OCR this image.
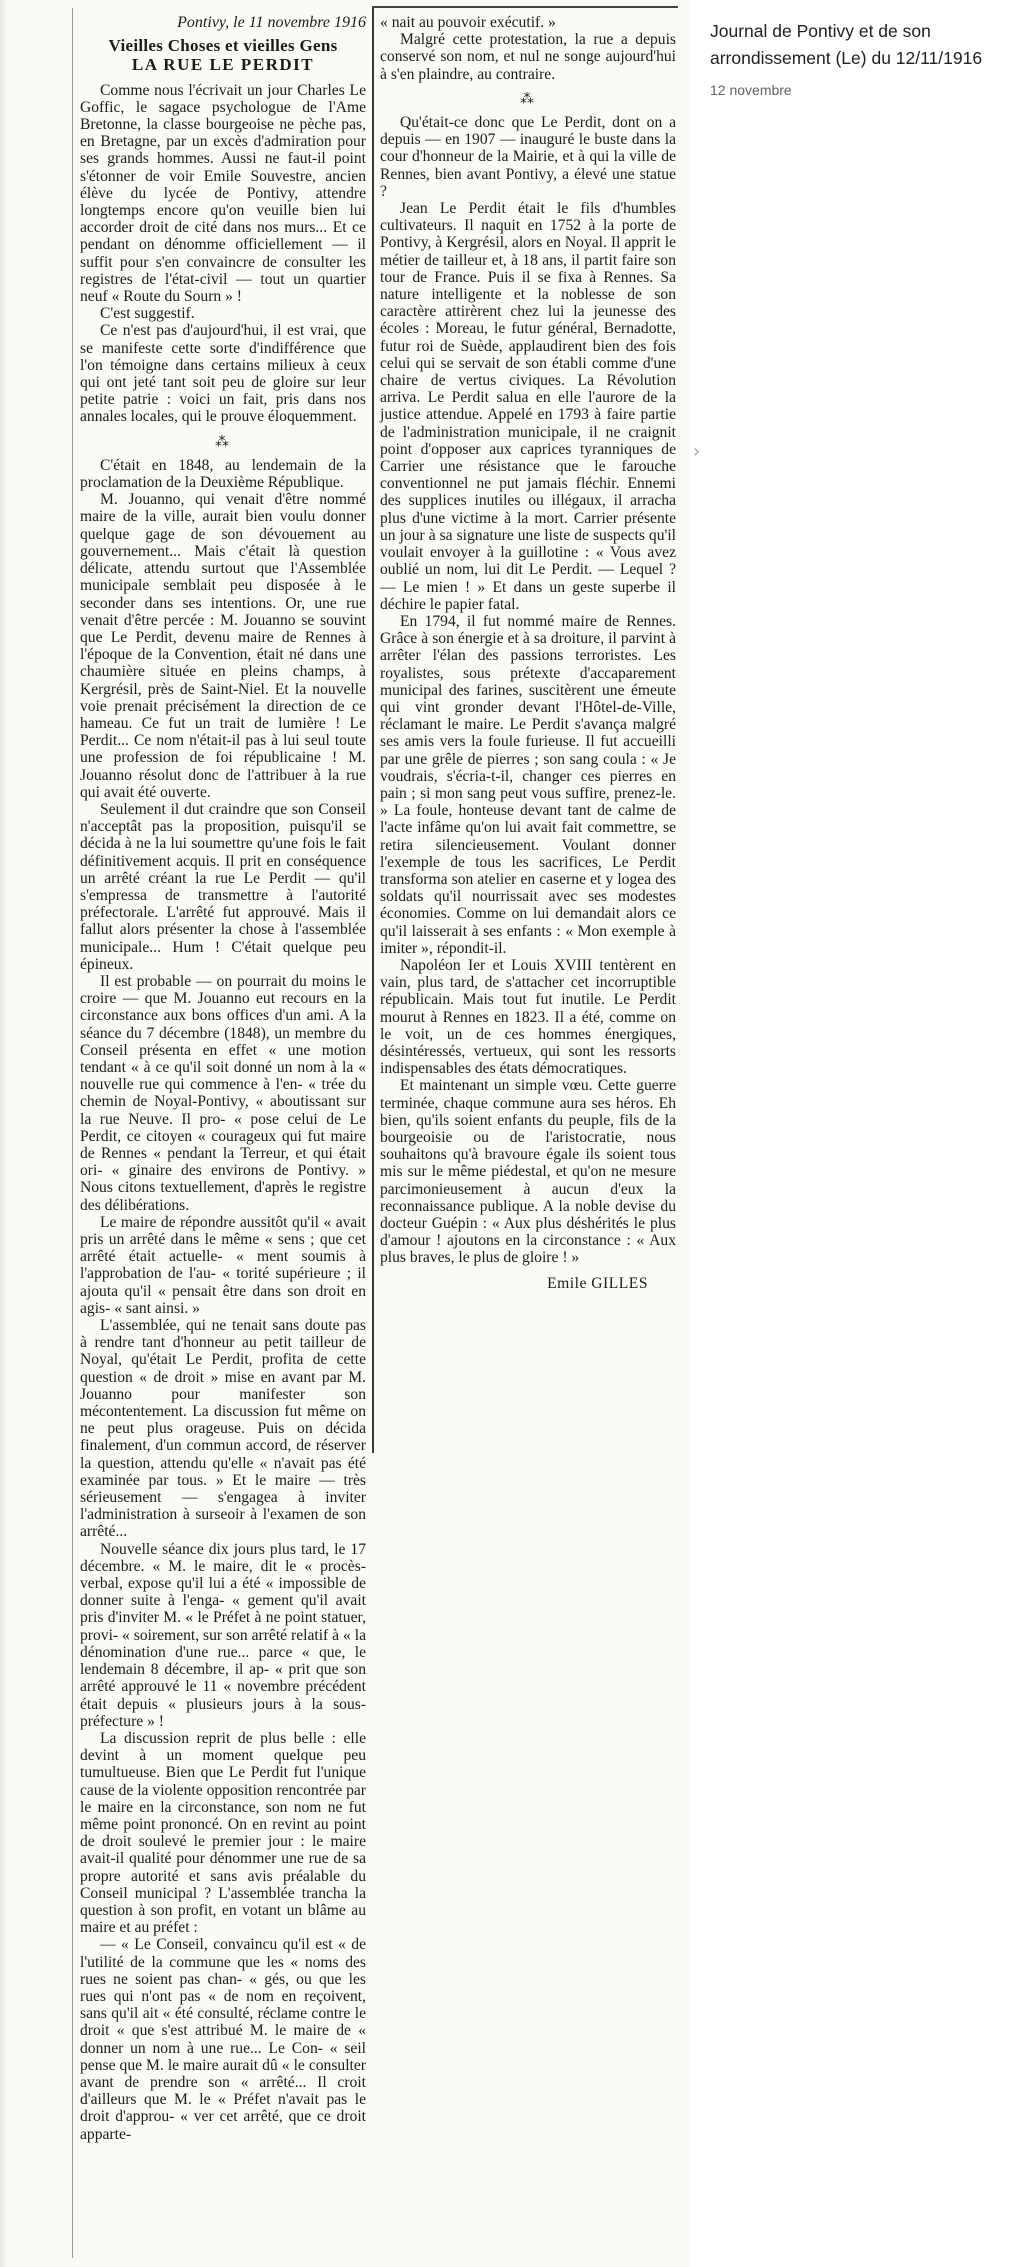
Pontivy, le 11 novembre 1916
Vieilles Choses et vieilles Gens
LA RUE LE PERDIT

Comme nous l'écrivait un jour Charles Le Goffic, le sagace psychologue de l'Ame Bretonne, la classe bourgeoise ne pèche pas, en Bretagne, par un excès d'admiration pour ses grands hommes. Aussi ne faut-il point s'étonner de voir Emile Souvestre, ancien élève du lycée de Pontivy, attendre longtemps encore qu'on veuille bien lui accorder droit de cité dans nos murs... Et ce pendant on dénomme officiellement — il suffit pour s'en convaincre de consulter les registres de l'état-civil — tout un quartier neuf « Route du Sourn » !

C'est suggestif.

Ce n'est pas d'aujourd'hui, il est vrai, que se manifeste cette sorte d'indifférence que l'on témoigne dans certains milieux à ceux qui ont jeté tant soit peu de gloire sur leur petite patrie : voici un fait, pris dans nos annales locales, qui le prouve éloquemment.

⁂

C'était en 1848, au lendemain de la proclamation de la Deuxième République.

M. Jouanno, qui venait d'être nommé maire de la ville, aurait bien voulu donner quelque gage de son dévouement au gouvernement... Mais c'était là question délicate, attendu surtout que l'Assemblée municipale semblait peu disposée à le seconder dans ses intentions. Or, une rue venait d'être percée : M. Jouanno se souvint que Le Perdit, devenu maire de Rennes à l'époque de la Convention, était né dans une chaumière située en pleins champs, à Kergrésil, près de Saint-Niel. Et la nouvelle voie prenait précisément la direction de ce hameau. Ce fut un trait de lumière ! Le Perdit... Ce nom n'était-il pas à lui seul toute une profession de foi républicaine ! M. Jouanno résolut donc de l'attribuer à la rue qui avait été ouverte.

Seulement il dut craindre que son Conseil n'acceptât pas la proposition, puisqu'il se décida à ne la lui soumettre qu'une fois le fait définitivement acquis. Il prit en conséquence un arrêté créant la rue Le Perdit — qu'il s'empressa de transmettre à l'autorité préfectorale. L'arrêté fut approuvé. Mais il fallut alors présenter la chose à l'assemblée municipale... Hum ! C'était quelque peu épineux.

Il est probable — on pourrait du moins le croire — que M. Jouanno eut recours en la circonstance aux bons offices d'un ami. A la séance du 7 décembre (1848), un membre du Conseil présenta en effet « une motion tendant « à ce qu'il soit donné un nom à la « nouvelle rue qui commence à l'en- « trée du chemin de Noyal-Pontivy, « aboutissant sur la rue Neuve. Il pro- « pose celui de Le Perdit, ce citoyen « courageux qui fut maire de Rennes « pendant la Terreur, et qui était ori- « ginaire des environs de Pontivy. » Nous citons textuellement, d'après le registre des délibérations.

Le maire de répondre aussitôt qu'il « avait pris un arrêté dans le même « sens ; que cet arrêté était actuelle- « ment soumis à l'approbation de l'au- « torité supérieure ; il ajouta qu'il « pensait être dans son droit en agis- « sant ainsi. »

L'assemblée, qui ne tenait sans doute pas à rendre tant d'honneur au petit tailleur de Noyal, qu'était Le Perdit, profita de cette question « de droit » mise en avant par M. Jouanno pour manifester son mécontentement. La discussion fut même on ne peut plus orageuse. Puis on décida finalement, d'un commun accord, de réserver la question, attendu qu'elle « n'avait pas été examinée par tous. » Et le maire — très sérieusement — s'engagea à inviter l'administration à surseoir à l'examen de son arrêté...

Nouvelle séance dix jours plus tard, le 17 décembre. « M. le maire, dit le « procès-verbal, expose qu'il lui a été « impossible de donner suite à l'enga- « gement qu'il avait pris d'inviter M. « le Préfet à ne point statuer, provi- « soirement, sur son arrêté relatif à « la dénomination d'une rue... parce « que, le lendemain 8 décembre, il ap- « prit que son arrêté approuvé le 11 « novembre précédent était depuis « plusieurs jours à la sous-préfecture » !

La discussion reprit de plus belle : elle devint à un moment quelque peu tumultueuse. Bien que Le Perdit fut l'unique cause de la violente opposition rencontrée par le maire en la circonstance, son nom ne fut même point prononcé. On en revint au point de droit soulevé le premier jour : le maire avait-il qualité pour dénommer une rue de sa propre autorité et sans avis préalable du Conseil municipal ? L'assemblée trancha la question à son profit, en votant un blâme au maire et au préfet :

— « Le Conseil, convaincu qu'il est « de l'utilité de la commune que les « noms des rues ne soient pas chan- « gés, ou que les rues qui n'ont pas « de nom en reçoivent, sans qu'il ait « été consulté, réclame contre le droit « que s'est attribué M. le maire de « donner un nom à une rue... Le Con- « seil pense que M. le maire aurait dû « le consulter avant de prendre son « arrêté... Il croit d'ailleurs que M. le « Préfet n'avait pas le droit d'approu- « ver cet arrêté, que ce droit apparte-

« nait au pouvoir exécutif. »

Malgré cette protestation, la rue a depuis conservé son nom, et nul ne songe aujourd'hui à s'en plaindre, au contraire.

⁂

Qu'était-ce donc que Le Perdit, dont on a depuis — en 1907 — inauguré le buste dans la cour d'honneur de la Mairie, et à qui la ville de Rennes, bien avant Pontivy, a élevé une statue ?

Jean Le Perdit était le fils d'humbles cultivateurs. Il naquit en 1752 à la porte de Pontivy, à Kergrésil, alors en Noyal. Il apprit le métier de tailleur et, à 18 ans, il partit faire son tour de France. Puis il se fixa à Rennes. Sa nature intelligente et la noblesse de son caractère attirèrent chez lui la jeunesse des écoles : Moreau, le futur général, Bernadotte, futur roi de Suède, applaudirent bien des fois celui qui se servait de son établi comme d'une chaire de vertus civiques. La Révolution arriva. Le Perdit salua en elle l'aurore de la justice attendue. Appelé en 1793 à faire partie de l'administration municipale, il ne craignit point d'opposer aux caprices tyranniques de Carrier une résistance que le farouche conventionnel ne put jamais fléchir. Ennemi des supplices inutiles ou illégaux, il arracha plus d'une victime à la mort. Carrier présente un jour à sa signature une liste de suspects qu'il voulait envoyer à la guillotine : « Vous avez oublié un nom, lui dit Le Perdit. — Lequel ? — Le mien ! » Et dans un geste superbe il déchire le papier fatal.

En 1794, il fut nommé maire de Rennes. Grâce à son énergie et à sa droiture, il parvint à arrêter l'élan des passions terroristes. Les royalistes, sous prétexte d'accaparement municipal des farines, suscitèrent une émeute qui vint gronder devant l'Hôtel-de-Ville, réclamant le maire. Le Perdit s'avança malgré ses amis vers la foule furieuse. Il fut accueilli par une grêle de pierres ; son sang coula : « Je voudrais, s'écria-t-il, changer ces pierres en pain ; si mon sang peut vous suffire, prenez-le. » La foule, honteuse devant tant de calme de l'acte infâme qu'on lui avait fait commettre, se retira silencieusement. Voulant donner l'exemple de tous les sacrifices, Le Perdit transforma son atelier en caserne et y logea des soldats qu'il nourrissait avec ses modestes économies. Comme on lui demandait alors ce qu'il laisserait à ses enfants : « Mon exemple à imiter », répondit-il.

Napoléon Ier et Louis XVIII tentèrent en vain, plus tard, de s'attacher cet incorruptible républicain. Mais tout fut inutile. Le Perdit mourut à Rennes en 1823. Il a été, comme on le voit, un de ces hommes énergiques, désintéressés, vertueux, qui sont les ressorts indispensables des états démocratiques.

Et maintenant un simple vœu. Cette guerre terminée, chaque commune aura ses héros. Eh bien, qu'ils soient enfants du peuple, fils de la bourgeoisie ou de l'aristocratie, nous souhaitons qu'à bravoure égale ils soient tous mis sur le même piédestal, et qu'on ne mesure parcimonieusement à aucun d'eux la reconnaissance publique. A la noble devise du docteur Guépin : « Aux plus déshérités le plus d'amour ! ajoutons en la circonstance : « Aux plus braves, le plus de gloire ! »

Emile GILLES
›
Journal de Pontivy et de son arrondissement (Le) du 12/11/1916
12 novembre
